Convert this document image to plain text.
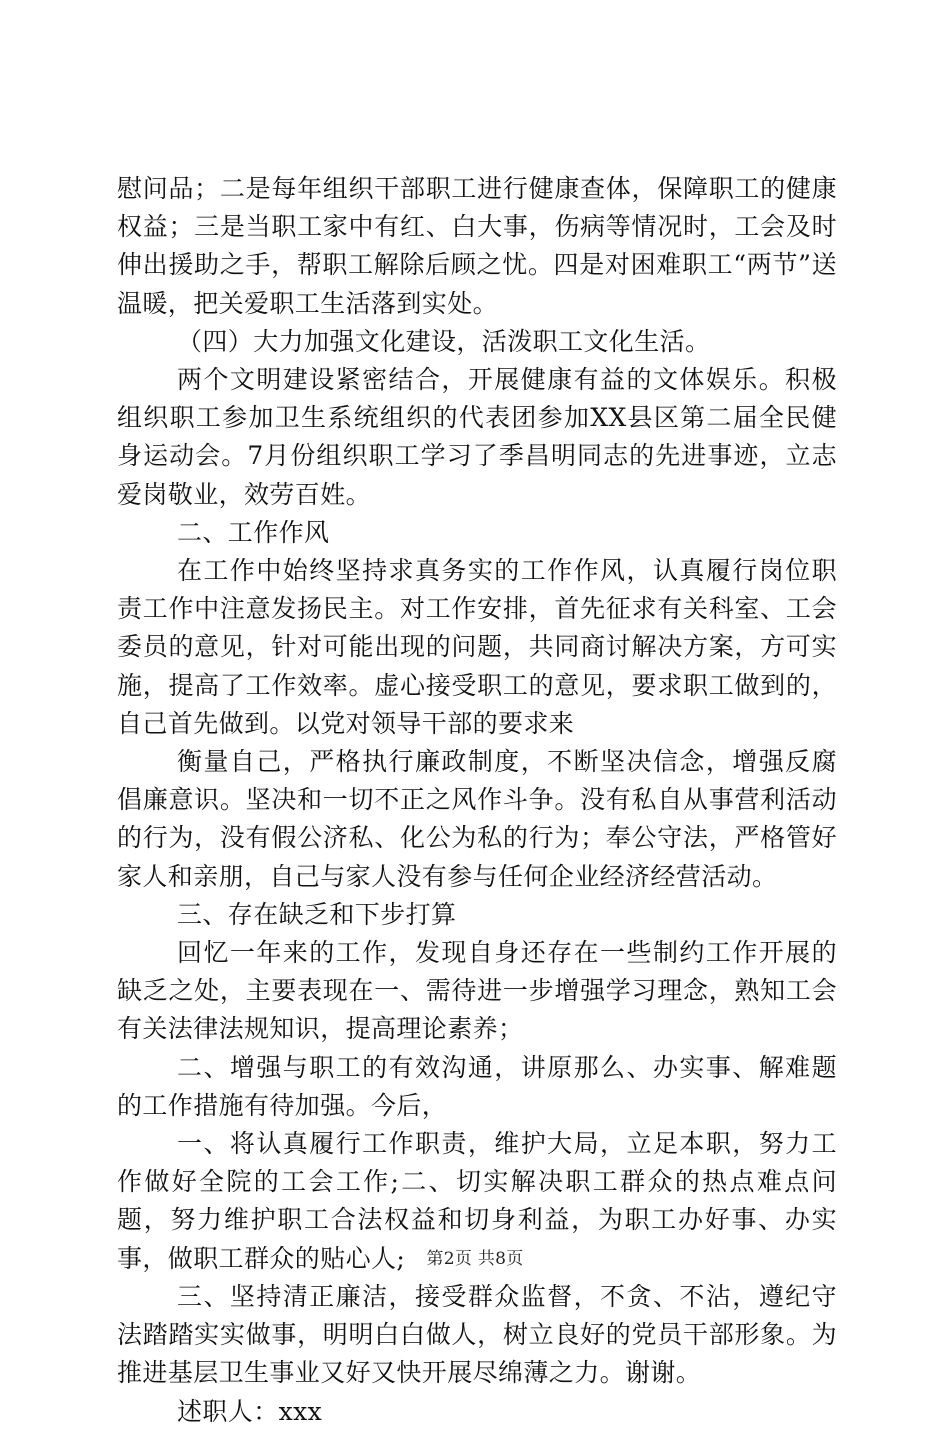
慰问品；二是每年组织干部职工进行健康查体，保障职工的健康权益；三是当职工家中有红、白大事，伤病等情况时，工会及时伸出援助之手，帮职工解除后顾之忧。四是对困难职工“两节”送温暖，把关爱职工生活落到实处。

（四）大力加强文化建设，活泼职工文化生活。

两个文明建设紧密结合，开展健康有益的文体娱乐。积极组织职工参加卫生系统组织的代表团参加XX县区第二届全民健身运动会。7月份组织职工学习了季昌明同志的先进事迹，立志爱岗敬业，效劳百姓。

二、工作作风

在工作中始终坚持求真务实的工作作风，认真履行岗位职责工作中注意发扬民主。对工作安排，首先征求有关科室、工会委员的意见，针对可能出现的问题，共同商讨解决方案，方可实施，提高了工作效率。虚心接受职工的意见，要求职工做到的，自己首先做到。以党对领导干部的要求来

衡量自己，严格执行廉政制度，不断坚决信念，增强反腐倡廉意识。坚决和一切不正之风作斗争。没有私自从事营利活动的行为，没有假公济私、化公为私的行为；奉公守法，严格管好家人和亲朋，自己与家人没有参与任何企业经济经营活动。

三、存在缺乏和下步打算

回忆一年来的工作，发现自身还存在一些制约工作开展的缺乏之处，主要表现在一、需待进一步增强学习理念，熟知工会有关法律法规知识，提高理论素养；

二、增强与职工的有效沟通，讲原那么、办实事、解难题的工作措施有待加强。今后，

一、将认真履行工作职责，维护大局，立足本职，努力工作做好全院的工会工作;二、切实解决职工群众的热点难点问题，努力维护职工合法权益和切身利益，为职工办好事、办实事，做职工群众的贴心人;

三、坚持清正廉洁，接受群众监督，不贪、不沾，遵纪守法踏踏实实做事，明明白白做人，树立良好的党员干部形象。为推进基层卫生事业又好又快开展尽绵薄之力。谢谢。

述职人：xxx

第2页 共8页
